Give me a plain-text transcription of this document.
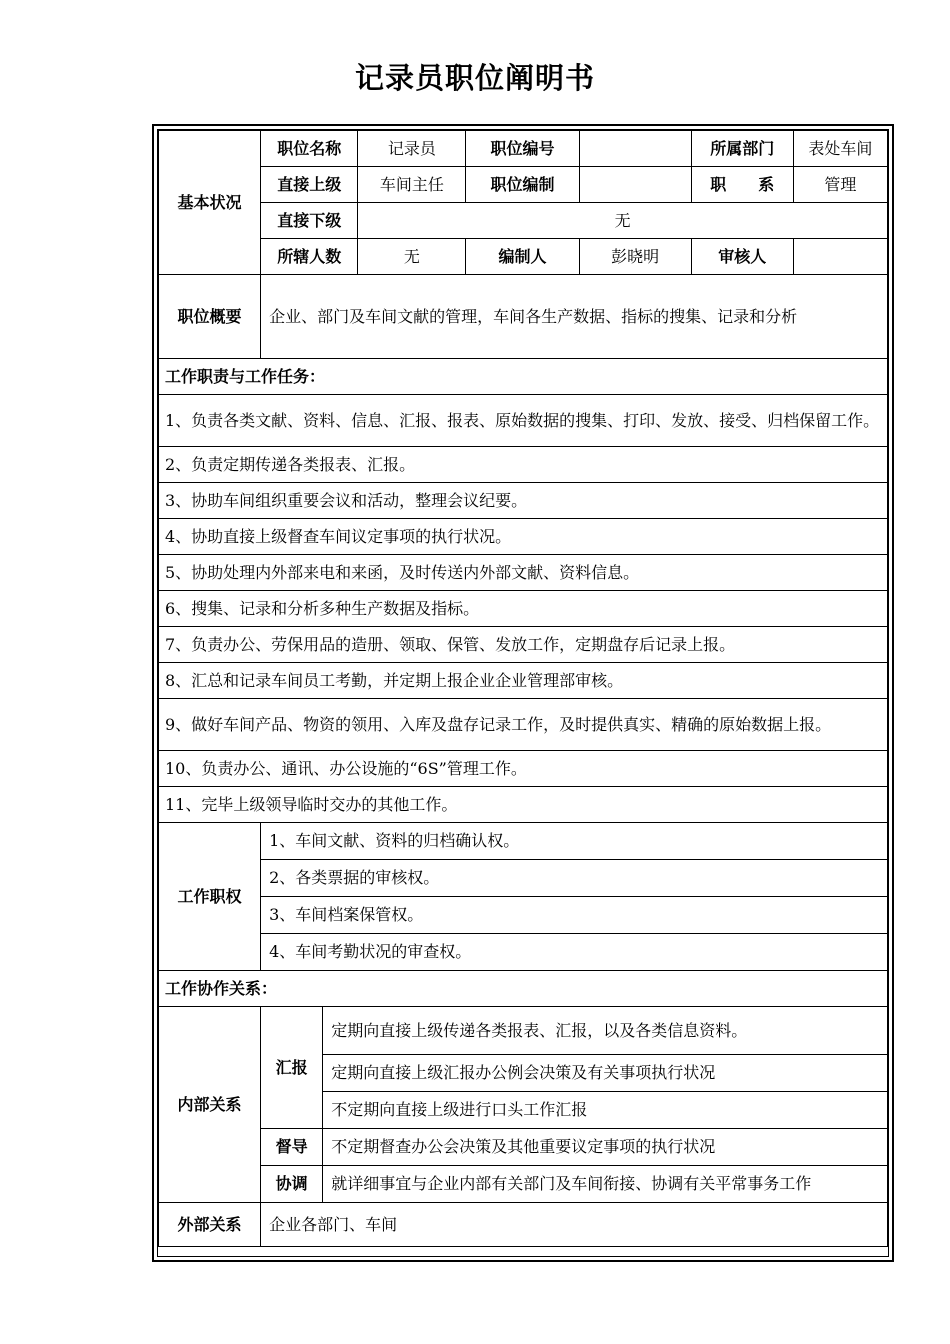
记录员职位阐明书
基本状况	职位名称		记录员	职位编号		所属部门	表处车间
	直接上级		车间主任	职位编制		职　　系	管理
	直接下级		无				
	所辖人数		无	编制人	彭晓明	审核人	
职位概要	企业、部门及车间文献的管理，车间各生产数据、指标的搜集、记录和分析						
工作职责与工作任务：							
1、负责各类文献、资料、信息、汇报、报表、原始数据的搜集、打印、发放、接受、归档保留工作。							
2、负责定期传递各类报表、汇报。							
3、协助车间组织重要会议和活动，整理会议纪要。							
4、协助直接上级督查车间议定事项的执行状况。							
5、协助处理内外部来电和来函，及时传送内外部文献、资料信息。							
6、搜集、记录和分析多种生产数据及指标。							
7、负责办公、劳保用品的造册、领取、保管、发放工作，定期盘存后记录上报。							
8、汇总和记录车间员工考勤，并定期上报企业企业管理部审核。							
9、做好车间产品、物资的领用、入库及盘存记录工作，及时提供真实、精确的原始数据上报。							
10、负责办公、通讯、办公设施的“6S”管理工作。							
11、完毕上级领导临时交办的其他工作。							
工作职权	1、车间文献、资料的归档确认权。						
	2、各类票据的审核权。						
	3、车间档案保管权。						
	4、车间考勤状况的审查权。						
工作协作关系：							
内部关系	汇报	定期向直接上级传递各类报表、汇报，以及各类信息资料。					
		定期向直接上级汇报办公例会决策及有关事项执行状况					
		不定期向直接上级进行口头工作汇报					
	督导	不定期督查办公会决策及其他重要议定事项的执行状况					
	协调	就详细事宜与企业内部有关部门及车间衔接、协调有关平常事务工作					
外部关系	企业各部门、车间						
